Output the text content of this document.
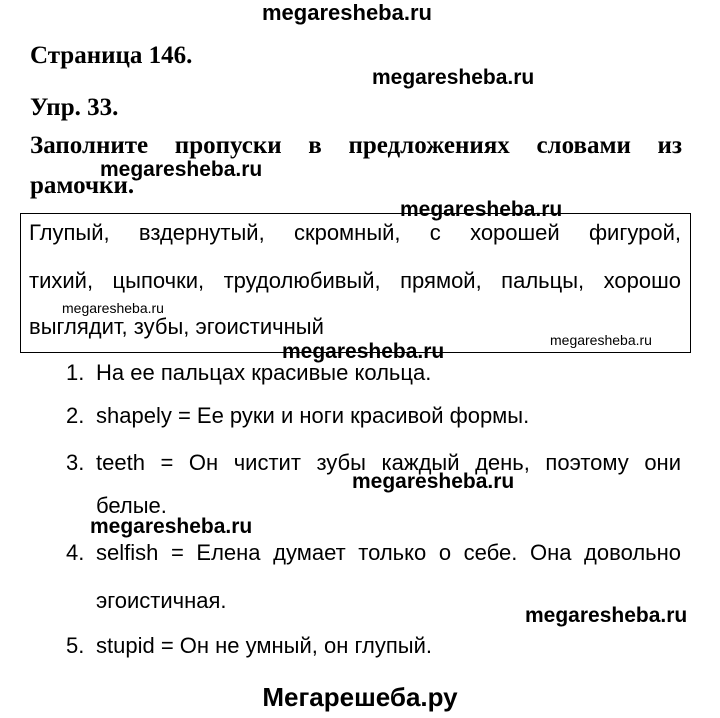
megaresheba.ru
megaresheba.ru
megaresheba.ru
megaresheba.ru
megaresheba.ru
megaresheba.ru
megaresheba.ru
megaresheba.ru
megaresheba.ru
megaresheba.ru
Страница 146.
Упр. 33.
Заполните пропуски в предложениях словами из
рамочки.
Глупый, вздернутый, скромный, с хорошей фигурой,
тихий, цыпочки, трудолюбивый, прямой, пальцы, хорошо
выглядит, зубы, эгоистичный
1. На ее пальцах красивые кольца.
2. shapely = Ее руки и ноги красивой формы.
3. teeth = Он чистит зубы каждый день, поэтому они
белые.
4. selfish = Елена думает только о себе. Она довольно
эгоистичная.
5. stupid = Он не умный, он глупый.
Мегарешеба.ру
